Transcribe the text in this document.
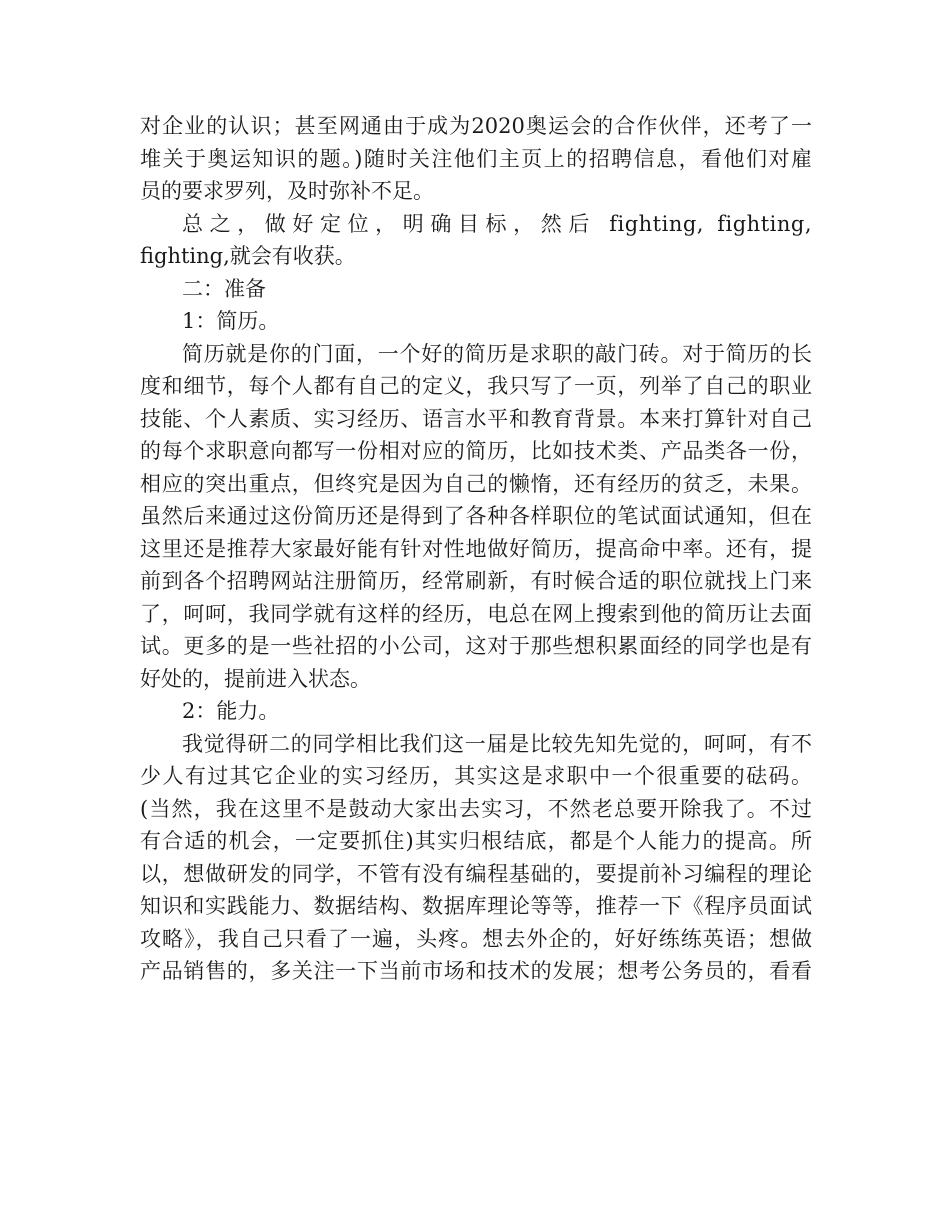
对企业的认识；甚至网通由于成为2020奥运会的合作伙伴，还考了一
堆关于奥运知识的题。)随时关注他们主页上的招聘信息，看他们对雇
员的要求罗列，及时弥补不足。
总之，做好定位，明确目标，然后 fighting, fighting,
fighting,就会有收获。
二：准备
1：简历。
简历就是你的门面，一个好的简历是求职的敲门砖。对于简历的长
度和细节，每个人都有自己的定义，我只写了一页，列举了自己的职业
技能、个人素质、实习经历、语言水平和教育背景。本来打算针对自己
的每个求职意向都写一份相对应的简历，比如技术类、产品类各一份，
相应的突出重点，但终究是因为自己的懒惰，还有经历的贫乏，未果。
虽然后来通过这份简历还是得到了各种各样职位的笔试面试通知，但在
这里还是推荐大家最好能有针对性地做好简历，提高命中率。还有，提
前到各个招聘网站注册简历，经常刷新，有时候合适的职位就找上门来
了，呵呵，我同学就有这样的经历，电总在网上搜索到他的简历让去面
试。更多的是一些社招的小公司，这对于那些想积累面经的同学也是有
好处的，提前进入状态。
2：能力。
我觉得研二的同学相比我们这一届是比较先知先觉的，呵呵，有不
少人有过其它企业的实习经历，其实这是求职中一个很重要的砝码。
(当然，我在这里不是鼓动大家出去实习，不然老总要开除我了。不过
有合适的机会，一定要抓住)其实归根结底，都是个人能力的提高。所
以，想做研发的同学，不管有没有编程基础的，要提前补习编程的理论
知识和实践能力、数据结构、数据库理论等等，推荐一下《程序员面试
攻略》，我自己只看了一遍，头疼。想去外企的，好好练练英语；想做
产品销售的，多关注一下当前市场和技术的发展；想考公务员的，看看
